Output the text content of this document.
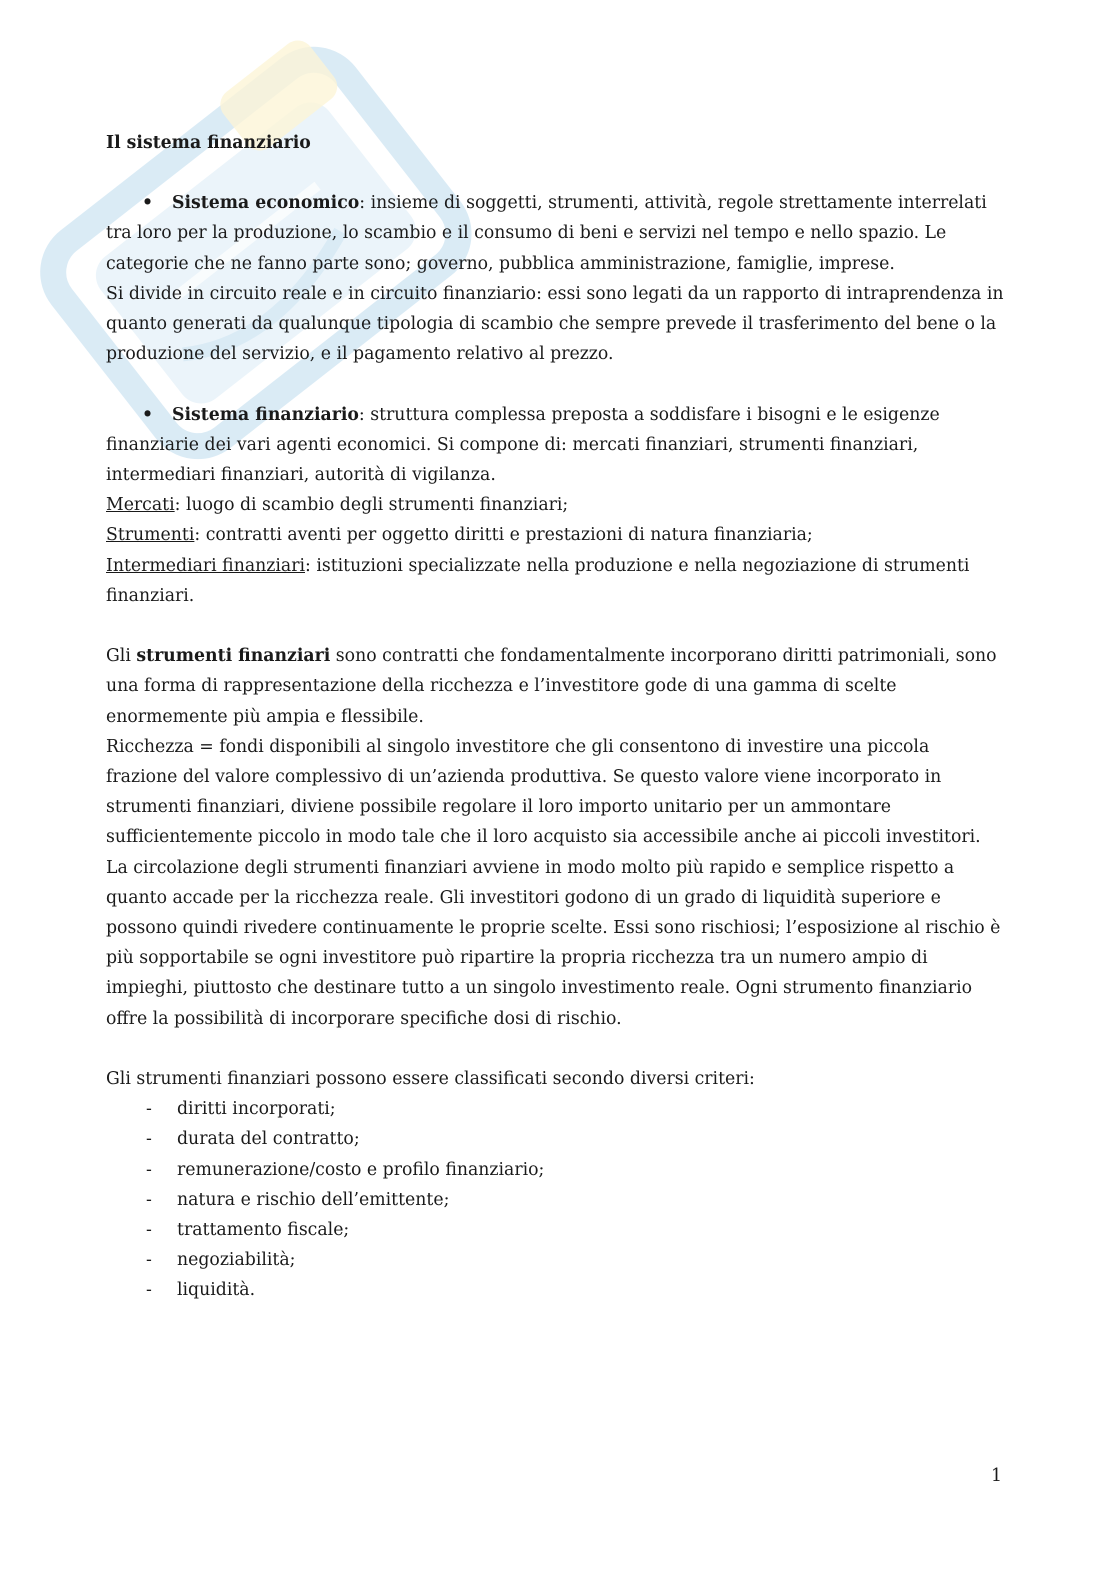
Il sistema finanziario

• Sistema economico: insieme di soggetti, strumenti, attività, regole strettamente interrelati tra loro per la produzione, lo scambio e il consumo di beni e servizi nel tempo e nello spazio. Le categorie che ne fanno parte sono; governo, pubblica amministrazione, famiglie, imprese.

Si divide in circuito reale e in circuito finanziario: essi sono legati da un rapporto di intraprendenza in quanto generati da qualunque tipologia di scambio che sempre prevede il trasferimento del bene o la produzione del servizio, e il pagamento relativo al prezzo.

• Sistema finanziario: struttura complessa preposta a soddisfare i bisogni e le esigenze finanziarie dei vari agenti economici. Si compone di: mercati finanziari, strumenti finanziari, intermediari finanziari, autorità di vigilanza.

Mercati: luogo di scambio degli strumenti finanziari;

Strumenti: contratti aventi per oggetto diritti e prestazioni di natura finanziaria;

Intermediari finanziari: istituzioni specializzate nella produzione e nella negoziazione di strumenti finanziari.

Gli strumenti finanziari sono contratti che fondamentalmente incorporano diritti patrimoniali, sono una forma di rappresentazione della ricchezza e l’investitore gode di una gamma di scelte enormemente più ampia e flessibile.

Ricchezza = fondi disponibili al singolo investitore che gli consentono di investire una piccola frazione del valore complessivo di un’azienda produttiva. Se questo valore viene incorporato in strumenti finanziari, diviene possibile regolare il loro importo unitario per un ammontare sufficientemente piccolo in modo tale che il loro acquisto sia accessibile anche ai piccoli investitori. La circolazione degli strumenti finanziari avviene in modo molto più rapido e semplice rispetto a quanto accade per la ricchezza reale. Gli investitori godono di un grado di liquidità superiore e possono quindi rivedere continuamente le proprie scelte. Essi sono rischiosi; l’esposizione al rischio è più sopportabile se ogni investitore può ripartire la propria ricchezza tra un numero ampio di impieghi, piuttosto che destinare tutto a un singolo investimento reale. Ogni strumento finanziario offre la possibilità di incorporare specifiche dosi di rischio.

Gli strumenti finanziari possono essere classificati secondo diversi criteri:

- diritti incorporati;
- durata del contratto;
- remunerazione/costo e profilo finanziario;
- natura e rischio dell’emittente;
- trattamento fiscale;
- negoziabilità;
- liquidità.
1
